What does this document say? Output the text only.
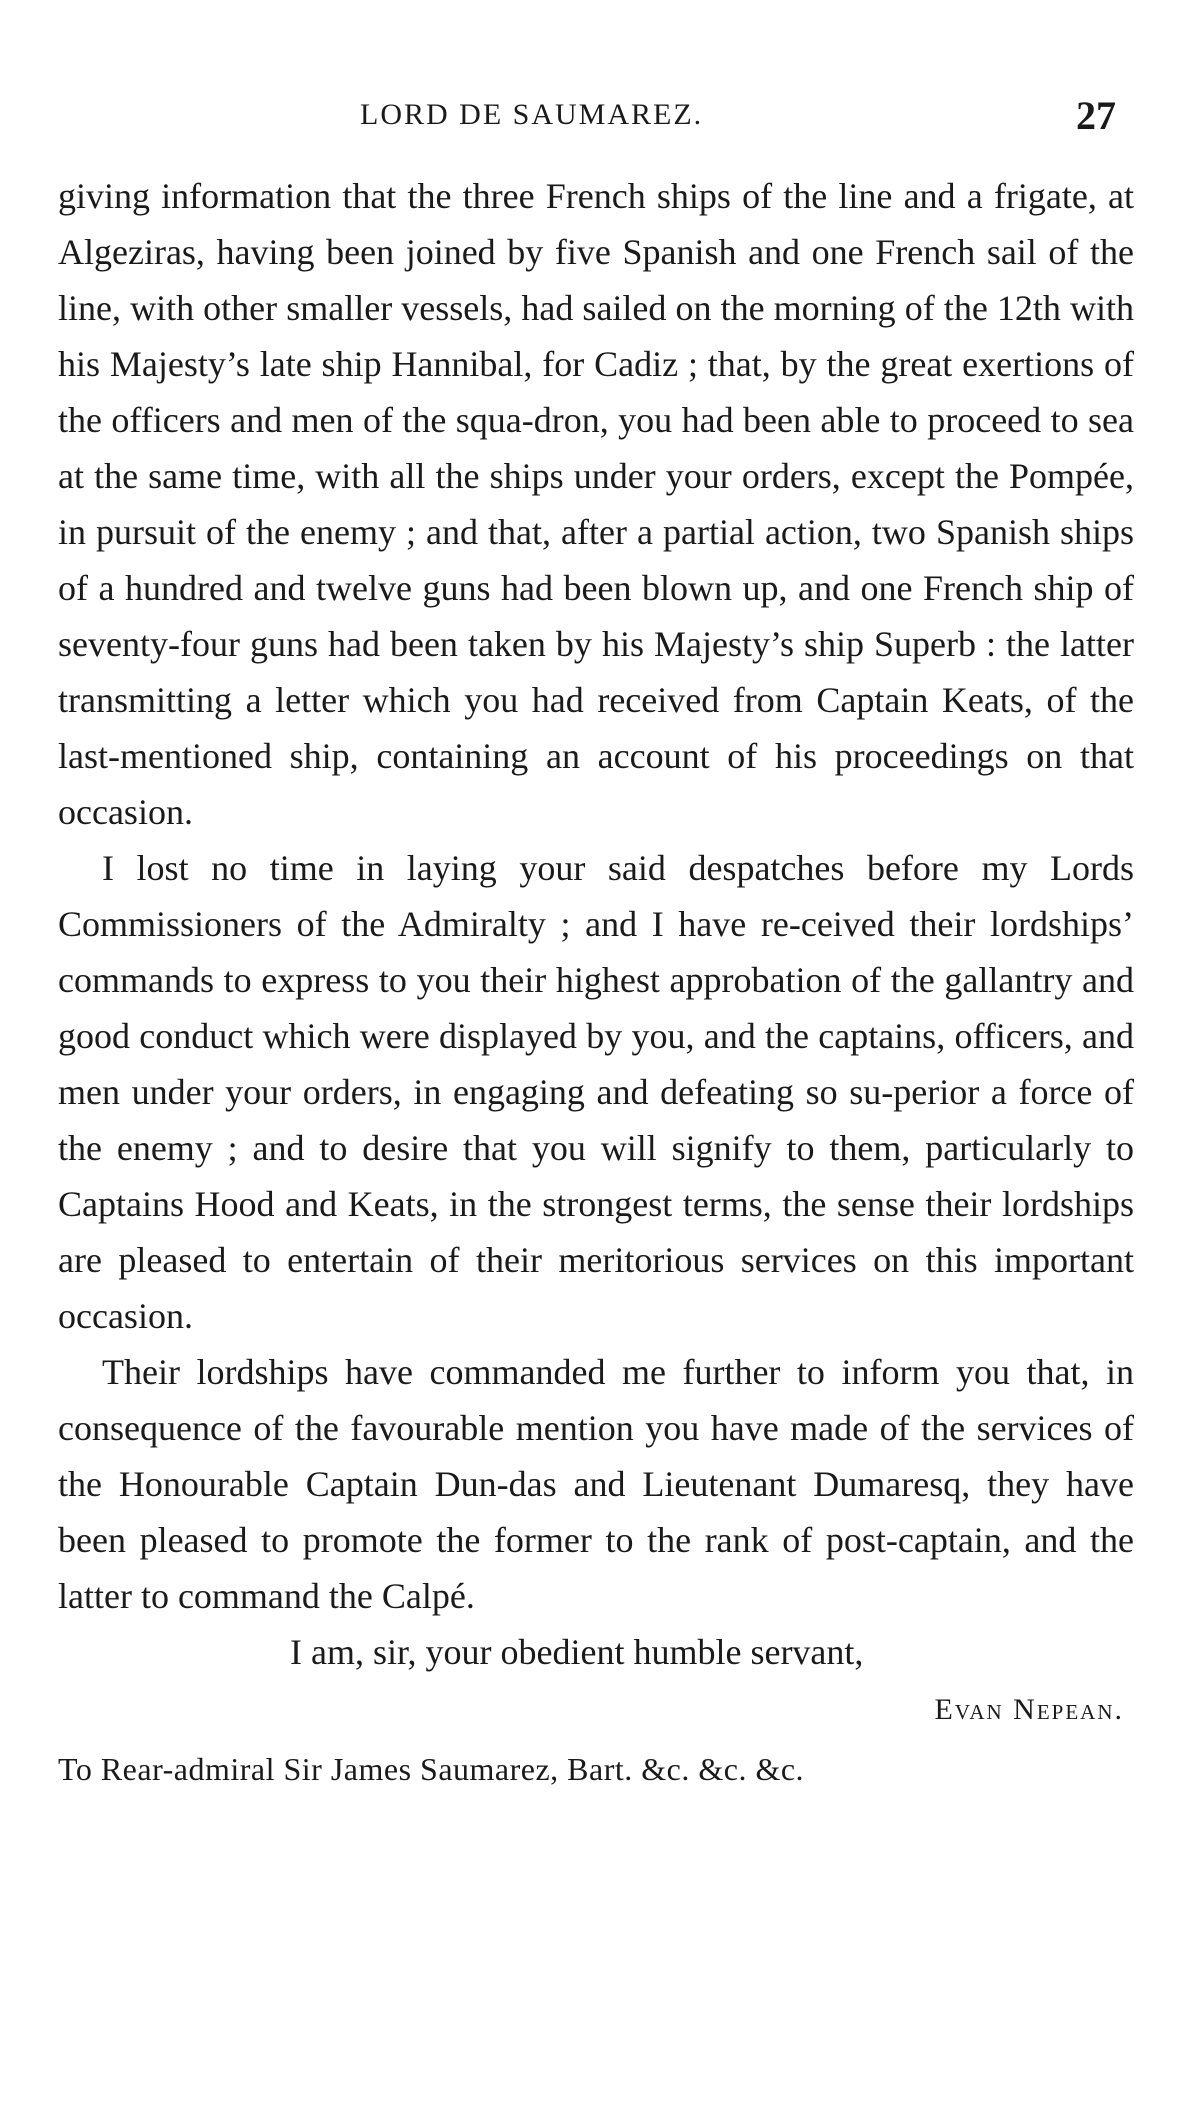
LORD DE SAUMAREZ.	27

giving information that the three French ships of the line and a frigate, at Algeziras, having been joined by five Spanish and one French sail of the line, with other smaller vessels, had sailed on the morning of the 12th with his Majesty’s late ship Hannibal, for Cadiz ; that, by the great exertions of the officers and men of the squa-dron, you had been able to proceed to sea at the same time, with all the ships under your orders, except the Pompée, in pursuit of the enemy ; and that, after a partial action, two Spanish ships of a hundred and twelve guns had been blown up, and one French ship of seventy-four guns had been taken by his Majesty’s ship Superb : the latter transmitting a letter which you had received from Captain Keats, of the last-mentioned ship, containing an account of his proceedings on that occasion.

I lost no time in laying your said despatches before my Lords Commissioners of the Admiralty ; and I have re-ceived their lordships’ commands to express to you their highest approbation of the gallantry and good conduct which were displayed by you, and the captains, officers, and men under your orders, in engaging and defeating so su-perior a force of the enemy ; and to desire that you will signify to them, particularly to Captains Hood and Keats, in the strongest terms, the sense their lordships are pleased to entertain of their meritorious services on this important occasion.

Their lordships have commanded me further to inform you that, in consequence of the favourable mention you have made of the services of the Honourable Captain Dun-das and Lieutenant Dumaresq, they have been pleased to promote the former to the rank of post-captain, and the latter to command the Calpé.

I am, sir, your obedient humble servant,

Evan Nepean.

To Rear-admiral Sir James Saumarez, Bart. &c. &c. &c.
